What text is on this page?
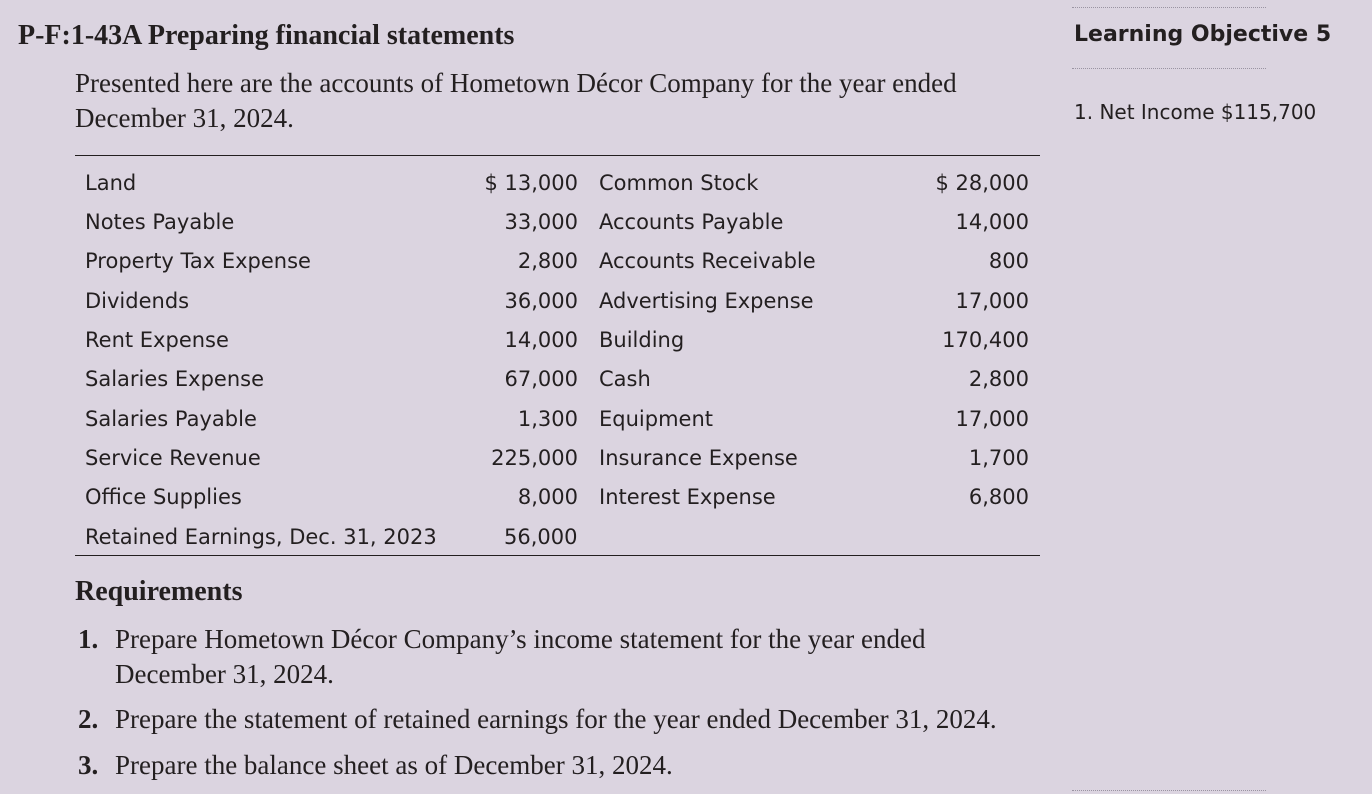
P-F:1-43A Preparing financial statements
Presented here are the accounts of Hometown Décor Company for the year ended December 31, 2024.
Land	$ 13,000 Common Stock	$ 28,000
Notes Payable	33,000 Accounts Payable	14,000
Property Tax Expense	2,800 Accounts Receivable	800
Dividends	36,000 Advertising Expense	17,000
Rent Expense	14,000 Building	170,400
Salaries Expense	67,000 Cash	2,800
Salaries Payable	1,300 Equipment	17,000
Service Revenue	225,000 Insurance Expense	1,700
Office Supplies	8,000 Interest Expense	6,800
Retained Earnings, Dec. 31, 2023	56,000
Requirements
1. Prepare Hometown Décor Company’s income statement for the year ended December 31, 2024.
2. Prepare the statement of retained earnings for the year ended December 31, 2024.
3. Prepare the balance sheet as of December 31, 2024.
Learning Objective 5
1. Net Income $115,700
